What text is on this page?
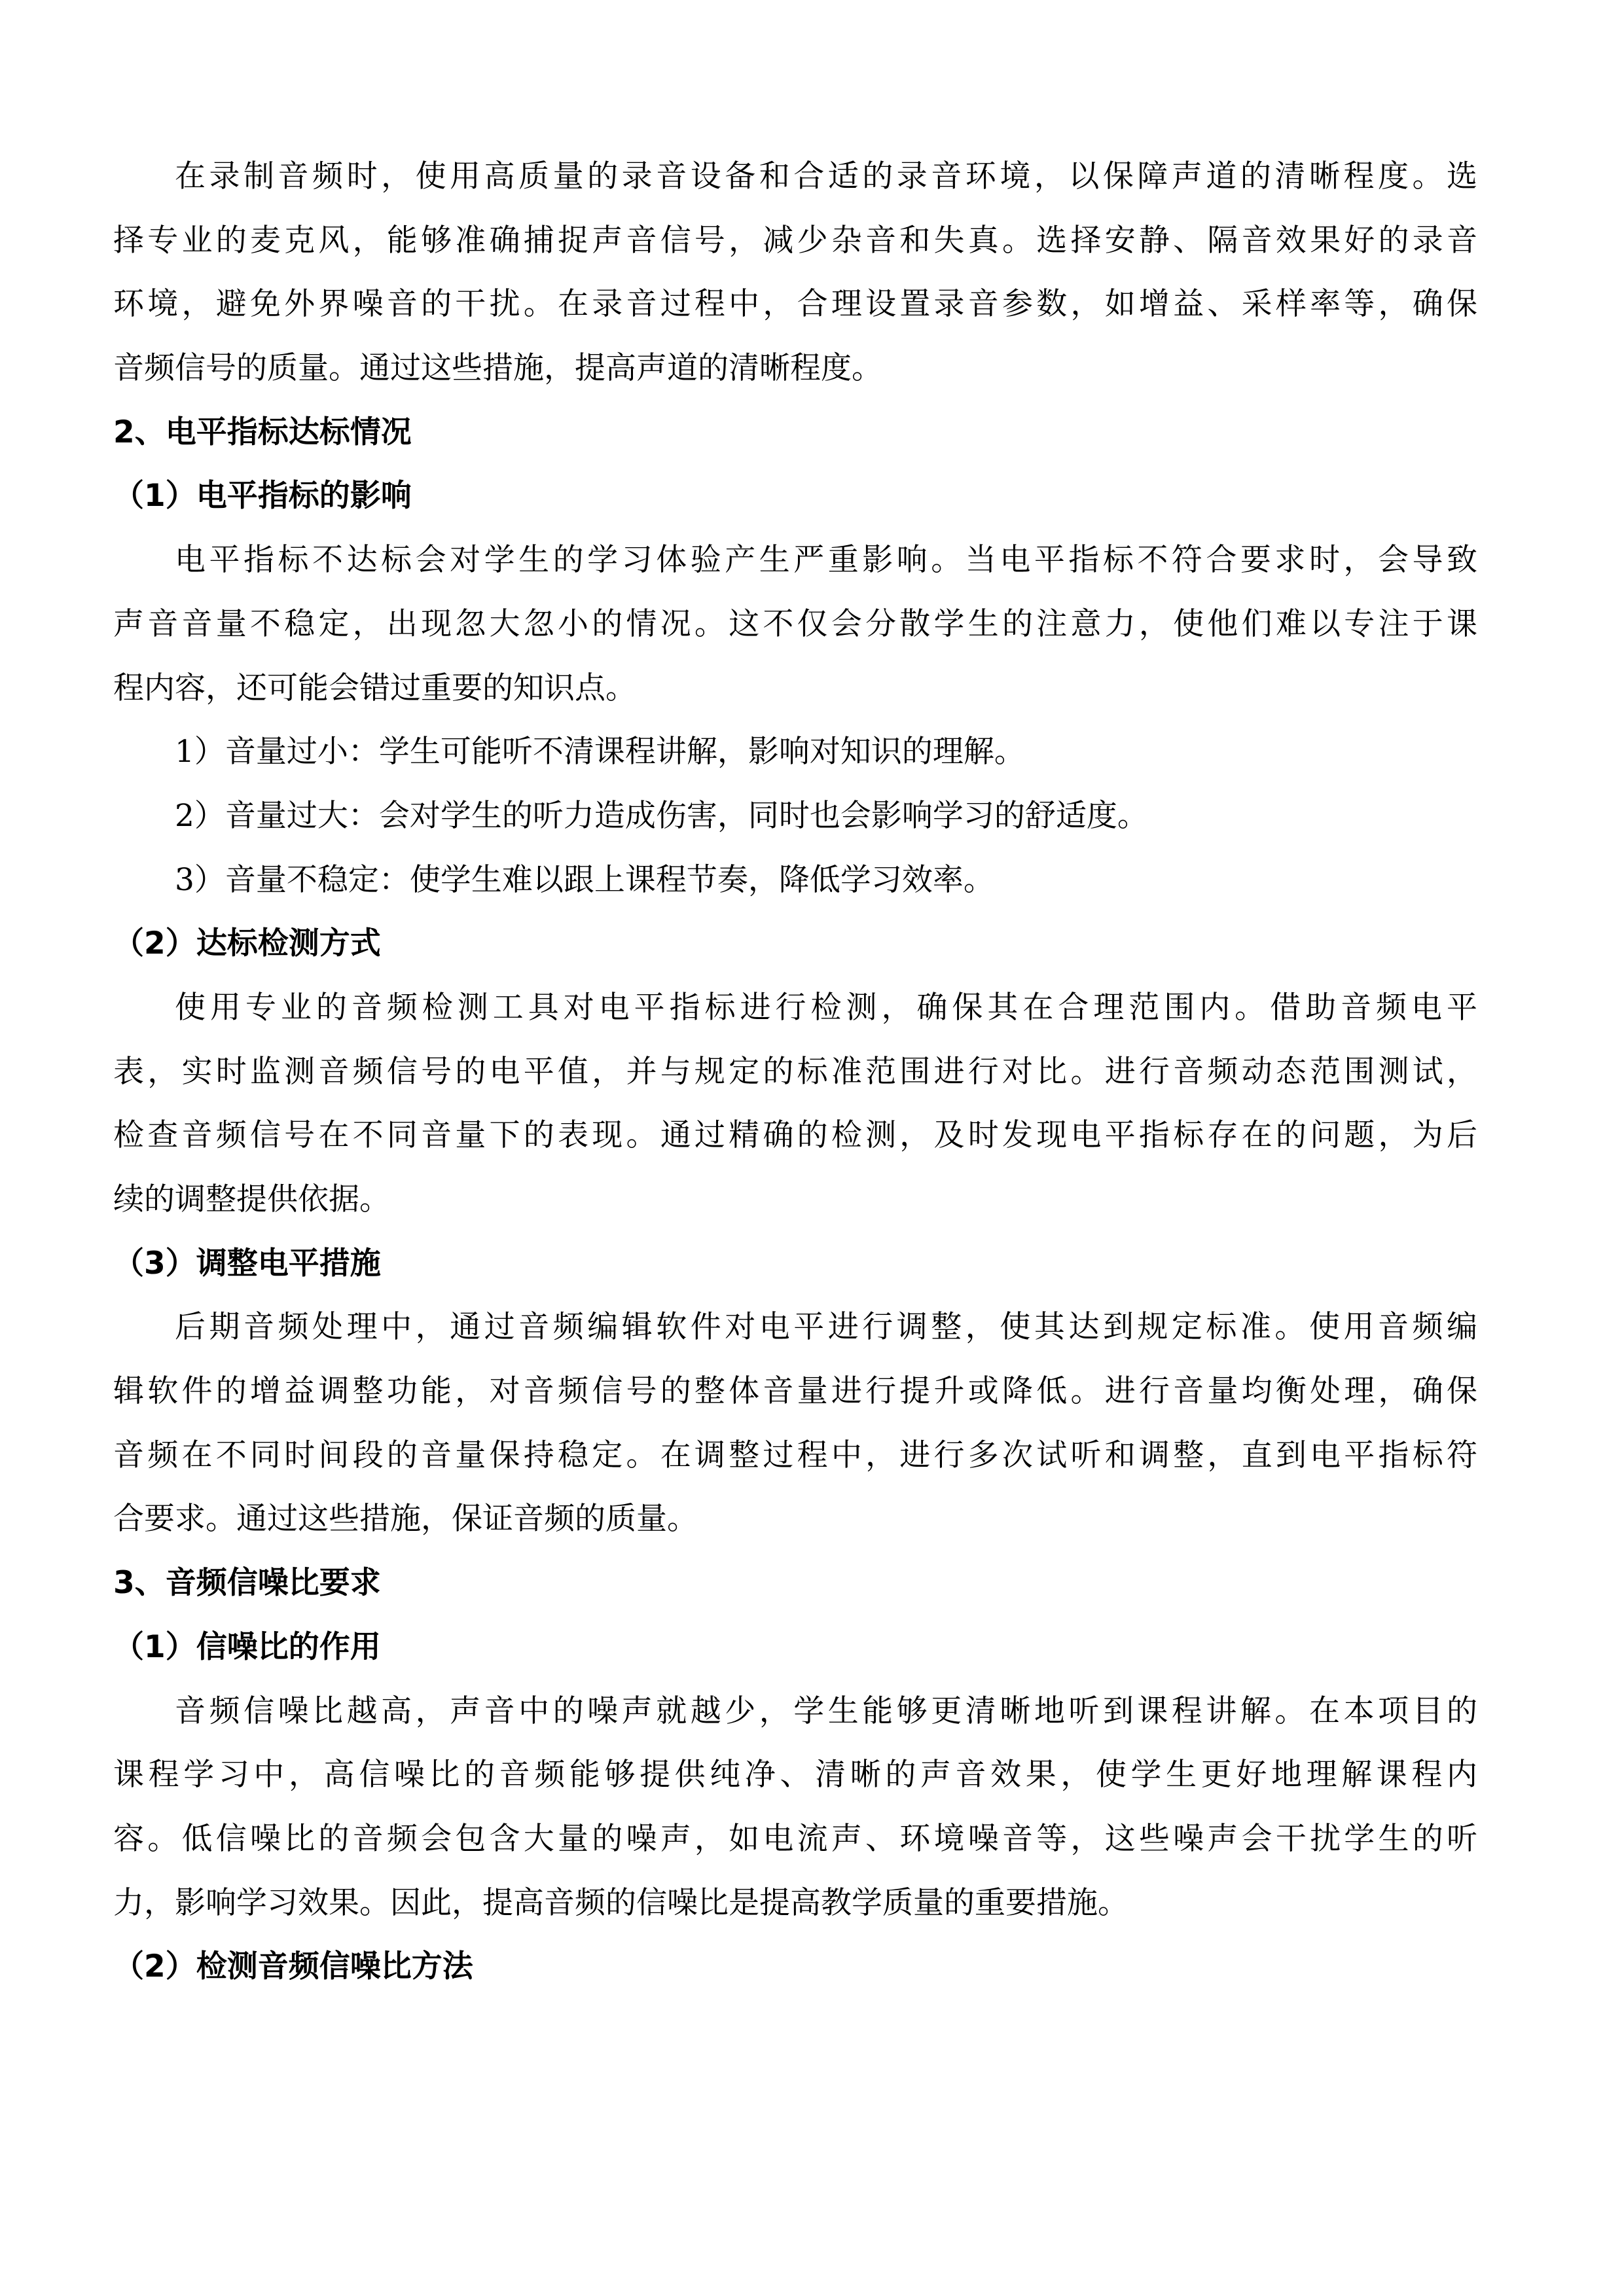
在录制音频时，使用高质量的录音设备和合适的录音环境，以保障声道的清晰程度。选
择专业的麦克风，能够准确捕捉声音信号，减少杂音和失真。选择安静、隔音效果好的录音
环境，避免外界噪音的干扰。在录音过程中，合理设置录音参数，如增益、采样率等，确保
音频信号的质量。通过这些措施，提高声道的清晰程度。
2、电平指标达标情况
（1）电平指标的影响
电平指标不达标会对学生的学习体验产生严重影响。当电平指标不符合要求时，会导致
声音音量不稳定，出现忽大忽小的情况。这不仅会分散学生的注意力，使他们难以专注于课
程内容，还可能会错过重要的知识点。
1）音量过小：学生可能听不清课程讲解，影响对知识的理解。
2）音量过大：会对学生的听力造成伤害，同时也会影响学习的舒适度。
3）音量不稳定：使学生难以跟上课程节奏，降低学习效率。
（2）达标检测方式
使用专业的音频检测工具对电平指标进行检测，确保其在合理范围内。借助音频电平
表，实时监测音频信号的电平值，并与规定的标准范围进行对比。进行音频动态范围测试，
检查音频信号在不同音量下的表现。通过精确的检测，及时发现电平指标存在的问题，为后
续的调整提供依据。
（3）调整电平措施
后期音频处理中，通过音频编辑软件对电平进行调整，使其达到规定标准。使用音频编
辑软件的增益调整功能，对音频信号的整体音量进行提升或降低。进行音量均衡处理，确保
音频在不同时间段的音量保持稳定。在调整过程中，进行多次试听和调整，直到电平指标符
合要求。通过这些措施，保证音频的质量。
3、音频信噪比要求
（1）信噪比的作用
音频信噪比越高，声音中的噪声就越少，学生能够更清晰地听到课程讲解。在本项目的
课程学习中，高信噪比的音频能够提供纯净、清晰的声音效果，使学生更好地理解课程内
容。低信噪比的音频会包含大量的噪声，如电流声、环境噪音等，这些噪声会干扰学生的听
力，影响学习效果。因此，提高音频的信噪比是提高教学质量的重要措施。
（2）检测音频信噪比方法
